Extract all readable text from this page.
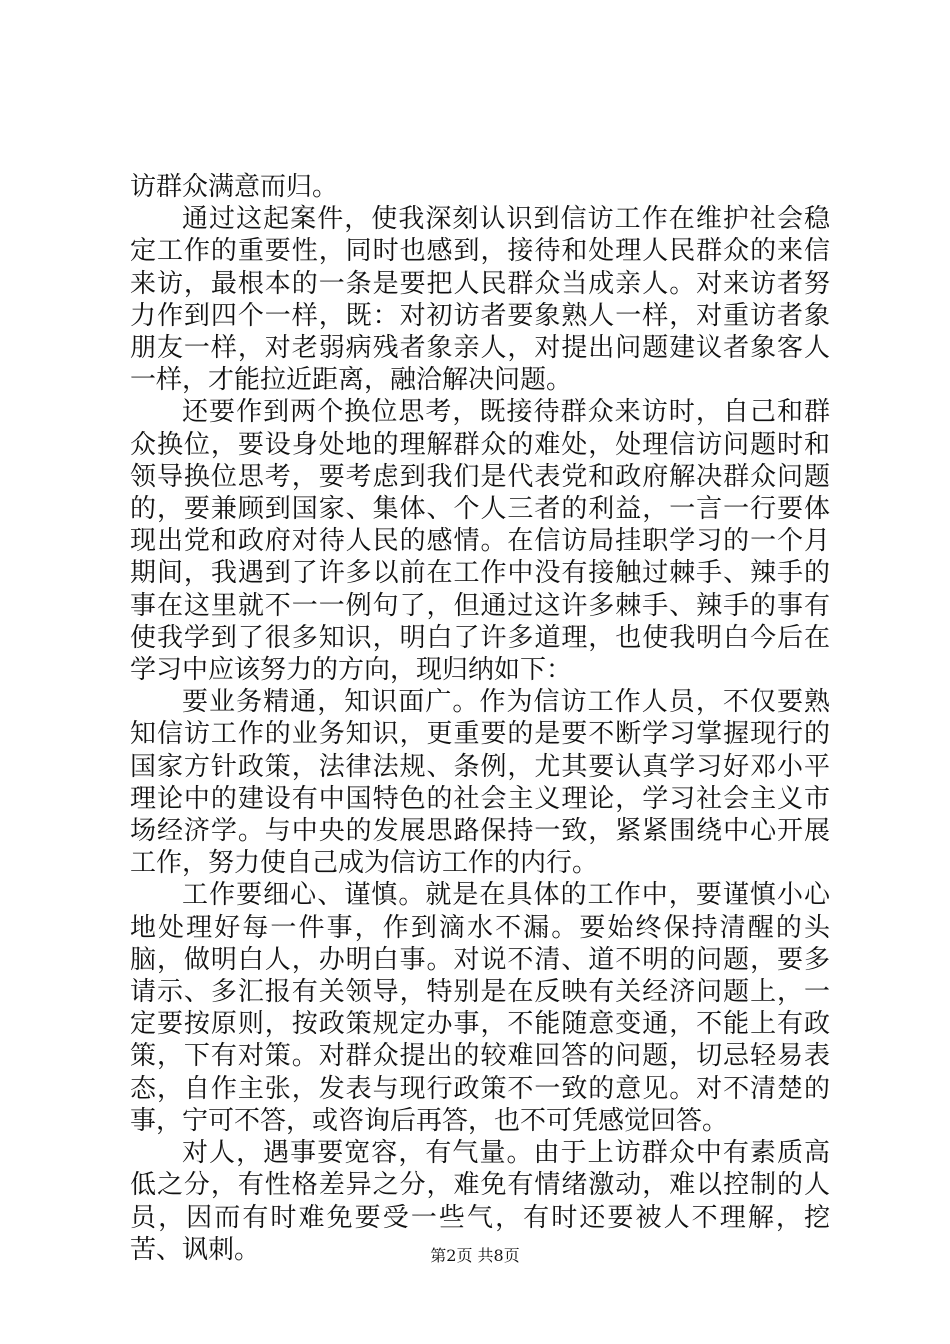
访群众满意而归。

通过这起案件，使我深刻认识到信访工作在维护社会稳定工作的重要性，同时也感到，接待和处理人民群众的来信来访，最根本的一条是要把人民群众当成亲人。对来访者努力作到四个一样，既：对初访者要象熟人一样，对重访者象朋友一样，对老弱病残者象亲人，对提出问题建议者象客人一样，才能拉近距离，融洽解决问题。

还要作到两个换位思考，既接待群众来访时，自己和群众换位，要设身处地的理解群众的难处，处理信访问题时和领导换位思考，要考虑到我们是代表党和政府解决群众问题的，要兼顾到国家、集体、个人三者的利益，一言一行要体现出党和政府对待人民的感情。在信访局挂职学习的一个月期间，我遇到了许多以前在工作中没有接触过棘手、辣手的事在这里就不一一例句了，但通过这许多棘手、辣手的事有使我学到了很多知识，明白了许多道理，也使我明白今后在学习中应该努力的方向，现归纳如下：

要业务精通，知识面广。作为信访工作人员，不仅要熟知信访工作的业务知识，更重要的是要不断学习掌握现行的国家方针政策，法律法规、条例，尤其要认真学习好邓小平理论中的建设有中国特色的社会主义理论，学习社会主义市场经济学。与中央的发展思路保持一致，紧紧围绕中心开展工作，努力使自己成为信访工作的内行。

工作要细心、谨慎。就是在具体的工作中，要谨慎小心地处理好每一件事，作到滴水不漏。要始终保持清醒的头脑，做明白人，办明白事。对说不清、道不明的问题，要多请示、多汇报有关领导，特别是在反映有关经济问题上，一定要按原则，按政策规定办事，不能随意变通，不能上有政策，下有对策。对群众提出的较难回答的问题，切忌轻易表态，自作主张，发表与现行政策不一致的意见。对不清楚的事，宁可不答，或咨询后再答，也不可凭感觉回答。

对人，遇事要宽容，有气量。由于上访群众中有素质高低之分，有性格差异之分，难免有情绪激动，难以控制的人员，因而有时难免要受一些气，有时还要被人不理解，挖苦、讽刺。	第2页 共8页
